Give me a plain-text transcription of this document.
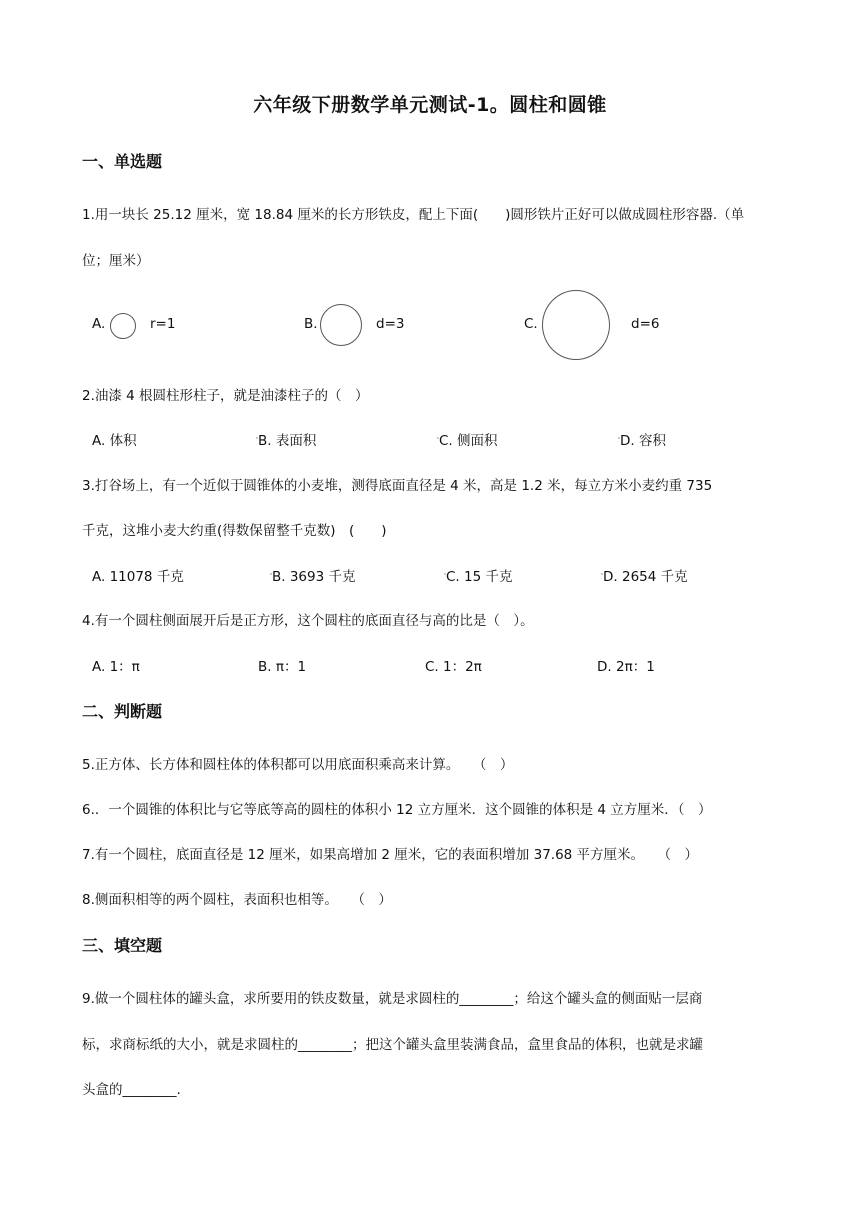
六年级下册数学单元测试-1。圆柱和圆锥
一、单选题
1.用一块长 25.12 厘米，宽 18.84 厘米的长方形铁皮，配上下面(　　)圆形铁片正好可以做成圆柱形容器.（单
位；厘米）
A.	r=1	B.	d=3	C.	d=6
2.油漆 4 根圆柱形柱子，就是油漆柱子的（　）
A. 体积	B. 表面积	C. 侧面积	D. 容积
3.打谷场上，有一个近似于圆锥体的小麦堆，测得底面直径是 4 米，高是 1.2 米，每立方米小麦约重 735
千克，这堆小麦大约重(得数保留整千克数)　(　　)
A. 11078 千克	B. 3693 千克	C. 15 千克	D. 2654 千克
4.有一个圆柱侧面展开后是正方形，这个圆柱的底面直径与高的比是（　）。
A. 1：π	B. π：1	C. 1：2π	D. 2π：1
二、判断题
5.正方体、长方体和圆柱体的体积都可以用底面积乘高来计算。　　（　）
6.．一个圆锥的体积比与它等底等高的圆柱的体积小 12 立方厘米．这个圆锥的体积是 4 立方厘米．（　）
7.有一个圆柱，底面直径是 12 厘米，如果高增加 2 厘米，它的表面积增加 37.68 平方厘米。　　（　）
8.侧面积相等的两个圆柱，表面积也相等。　　（　）
三、填空题
9.做一个圆柱体的罐头盒，求所要用的铁皮数量，就是求圆柱的________；给这个罐头盒的侧面贴一层商
标，求商标纸的大小，就是求圆柱的________；把这个罐头盒里装满食品，盒里食品的体积，也就是求罐
头盒的________.
